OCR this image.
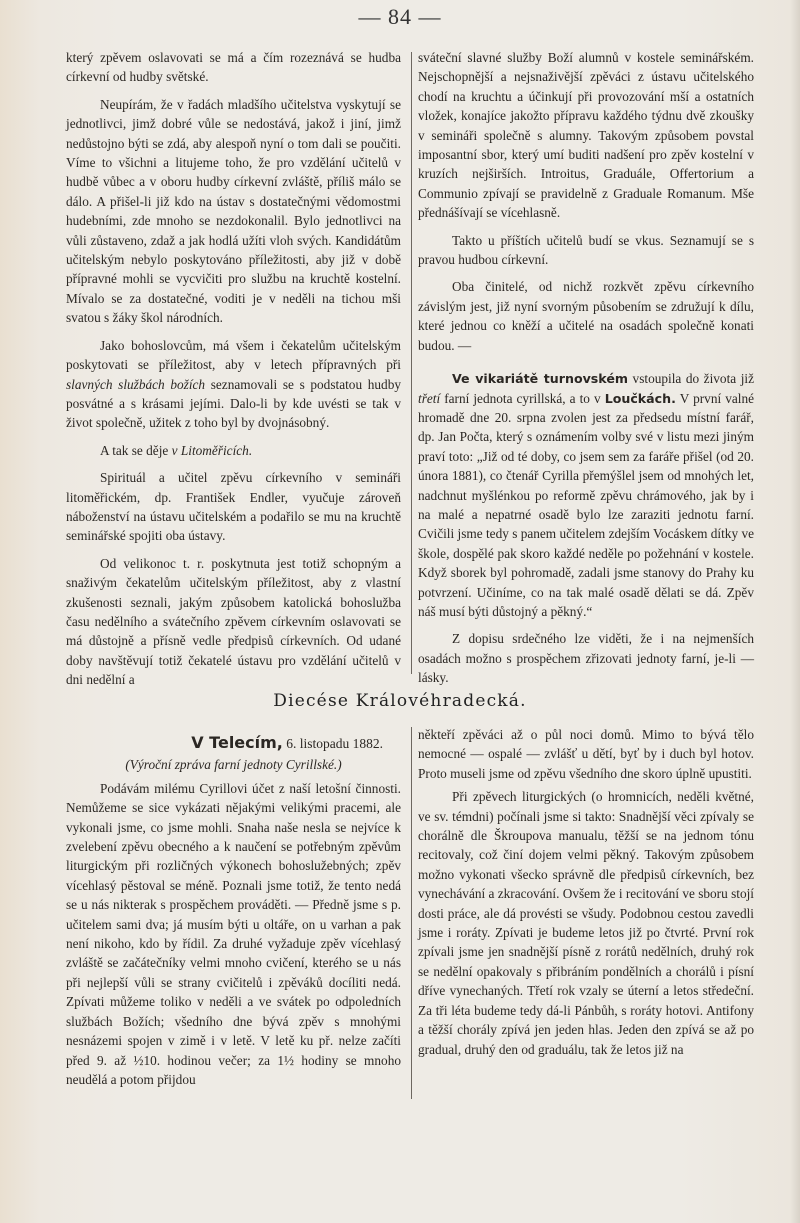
— 84 —

který zpěvem oslavovati se má a čím rozeznává se hudba církevní od hudby světské.

Neupírám, že v řadách mladšího učitelstva vyskytují se jednotlivci, jimž dobré vůle se nedostává, jakož i jiní, jimž nedůstojno býti se zdá, aby alespoň nyní o tom dali se poučiti. Víme to všichni a litujeme toho, že pro vzdělání učitelů v hudbě vůbec a v oboru hudby církevní zvláště, příliš málo se dálo. A přišel-li již kdo na ústav s dostatečnými vědomostmi hudebními, zde mnoho se nezdokonalil. Bylo jednotlivci na vůli zůstaveno, zdaž a jak hodlá užíti vloh svých. Kandidátům učitelským nebylo poskytováno příležitosti, aby již v době přípravné mohli se vycvičiti pro službu na kruchtě kostelní. Mívalo se za dostatečné, voditi je v neděli na tichou mši svatou s žáky škol národních.

Jako bohoslovcům, má všem i čekatelům učitelským poskytovati se příležitost, aby v letech přípravných při slavných službách božích seznamovali se s podstatou hudby posvátné a s krásami jejími. Dalo-li by kde uvésti se tak v život společně, užitek z toho byl by dvojnásobný.

A tak se děje v Litoměřicích.

Spirituál a učitel zpěvu církevního v semináři litoměřickém, dp. František Endler, vyučuje zároveň náboženství na ústavu učitelském a podařilo se mu na kruchtě seminářské spojiti oba ústavy.

Od velikonoc t. r. poskytnuta jest totiž schopným a snaživým čekatelům učitelským příležitost, aby z vlastní zkušenosti seznali, jakým způsobem katolická bohoslužba času nedělního a svátečního zpěvem církevním oslavovati se má důstojně a přísně vedle předpisů církevních. Od udané doby navštěvují totiž čekatelé ústavu pro vzdělání učitelů v dni nedělní a

sváteční slavné služby Boží alumnů v kostele seminářském. Nejschopnější a nejsnaživější zpěváci z ústavu učitelského chodí na kruchtu a účinkují při provozování mší a ostatních vložek, konajíce jakožto přípravu každého týdnu dvě zkoušky v semináři společně s alumny. Takovým způsobem povstal imposantní sbor, který umí buditi nadšení pro zpěv kostelní v kruzích nejširších. Introitus, Graduále, Offertorium a Communio zpívají se pravidelně z Graduale Romanum. Mše přednášívají se vícehlasně.

Takto u příštích učitelů budí se vkus. Seznamují se s pravou hudbou církevní.

Oba činitelé, od nichž rozkvět zpěvu církevního závislým jest, již nyní svorným působením se združují k dílu, které jednou co kněží a učitelé na osadách společně konati budou. —

Ve vikariátě turnovském vstoupila do života již třetí farní jednota cyrillská, a to v Loučkách. V první valné hromadě dne 20. srpna zvolen jest za předsedu místní farář, dp. Jan Počta, který s oznámením volby své v listu mezi jiným praví toto: „Již od té doby, co jsem sem za faráře přišel (od 20. února 1881), co čtenář Cyrilla přemýšlel jsem od mnohých let, nadchnut myšlénkou po reformě zpěvu chrámového, jak by i na malé a nepatrné osadě bylo lze zaraziti jednotu farní. Cvičili jsme tedy s panem učitelem zdejším Vocáskem dítky ve škole, dospělé pak skoro každé neděle po požehnání v kostele. Když sborek byl pohromadě, zadali jsme stanovy do Prahy ku potvrzení. Učiníme, co na tak malé osadě dělati se dá. Zpěv náš musí býti důstojný a pěkný.“

Z dopisu srdečného lze viděti, že i na nejmenších osadách možno s prospěchem zřizovati jednoty farní, je-li — lásky.

Diecése Královéhradecká.
V Telecím, 6. listopadu 1882.
(Výroční zpráva farní jednoty Cyrillské.)

Podávám milému Cyrillovi účet z naší letošní činnosti. Nemůžeme se sice vykázati nějakými velikými pracemi, ale vykonali jsme, co jsme mohli. Snaha naše nesla se nejvíce k zvelebení zpěvu obecného a k naučení se potřebným zpěvům liturgickým při rozličných výkonech bohoslužebných; zpěv vícehlasý pěstoval se méně. Poznali jsme totiž, že tento nedá se u nás nikterak s prospěchem prováděti. — Předně jsme s p. učitelem sami dva; já musím býti u oltáře, on u varhan a pak není nikoho, kdo by řídil. Za druhé vyžaduje zpěv vícehlasý zvláště se začátečníky velmi mnoho cvičení, kterého se u nás při nejlepší vůli se strany cvičitelů i zpěváků docíliti nedá. Zpívati můžeme toliko v neděli a ve svátek po odpoledních službách Božích; všedního dne bývá zpěv s mnohými nesnázemi spojen v zimě i v letě. V letě ku př. nelze začíti před 9. až ½10. hodinou večer; za 1½ hodiny se mnoho neudělá a potom přijdou

někteří zpěváci až o půl noci domů. Mimo to bývá tělo nemocné — ospalé — zvlášť u dětí, byť by i duch byl hotov. Proto museli jsme od zpěvu všedního dne skoro úplně upustiti.

Při zpěvech liturgických (o hromnicích, neděli květné, ve sv. témdni) počínali jsme si takto: Snadnější věci zpívaly se chorálně dle Škroupova manualu, těžší se na jednom tónu recitovaly, což činí dojem velmi pěkný. Takovým způsobem možno vykonati všecko správně dle předpisů církevních, bez vynechávání a zkracování. Ovšem že i recitování ve sboru stojí dosti práce, ale dá provésti se všudy. Podobnou cestou zavedli jsme i roráty. Zpívati je budeme letos již po čtvrté. První rok zpívali jsme jen snadnější písně z rorátů nedělních, druhý rok se nedělní opakovaly s přibráním pondělních a chorálů i písní dříve vynechaných. Třetí rok vzaly se úterní a letos středeční. Za tři léta budeme tedy dá-li Pánbůh, s roráty hotovi. Antifony a těžší chorály zpívá jen jeden hlas. Jeden den zpívá se až po gradual, druhý den od graduálu, tak že letos již na
